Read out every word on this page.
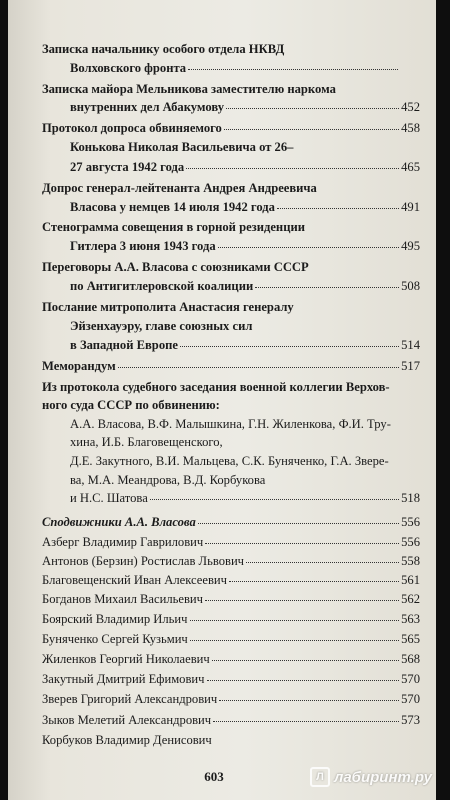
Записка начальнику особого отдела НКВД
Волховского фронта
Записка майора Мельникова заместителю наркома
внутренних дел Абакумову	452
Протокол допроса обвиняемого	458
Конькова Николая Васильевича от 26–
27 августа 1942 года	465
Допрос генерал-лейтенанта Андрея Андреевича
Власова у немцев 14 июля 1942 года	491
Стенограмма совещения в горной резиденции
Гитлера 3 июня 1943 года	495
Переговоры А.А. Власова с союзниками СССР
по Антигитлеровской коалиции	508
Послание митрополита Анастасия генералу
Эйзенхауэру, главе союзных сил
в Западной Европе	514
Меморандум	517
Из протокола судебного заседания военной коллегии Верхов-
ного суда СССР по обвинению:
А.А. Власова, В.Ф. Малышкина, Г.Н. Жиленкова, Ф.И. Тру-
хина, И.Б. Благовещенского,
Д.Е. Закутного, В.И. Мальцева, С.К. Буняченко, Г.А. Зверe-
ва, М.А. Меандрова, В.Д. Корбукова
и Н.С. Шатова	518
Сподвижники А.А. Власова	556
Азберг Владимир Гаврилович	556
Антонов (Берзин) Ростислав Львович	558
Благовещенский Иван Алексеевич	561
Богданов Михаил Васильевич	562
Боярский Владимир Ильич	563
Буняченко Сергей Кузьмич	565
Жиленков Георгий Николаевич	568
Закутный Дмитрий Ефимович	570
Зверев Григорий Александрович	570
Зыков Мелетий Александрович	573
Корбуков Владимир Денисович
603	Л лабиринт.ру
